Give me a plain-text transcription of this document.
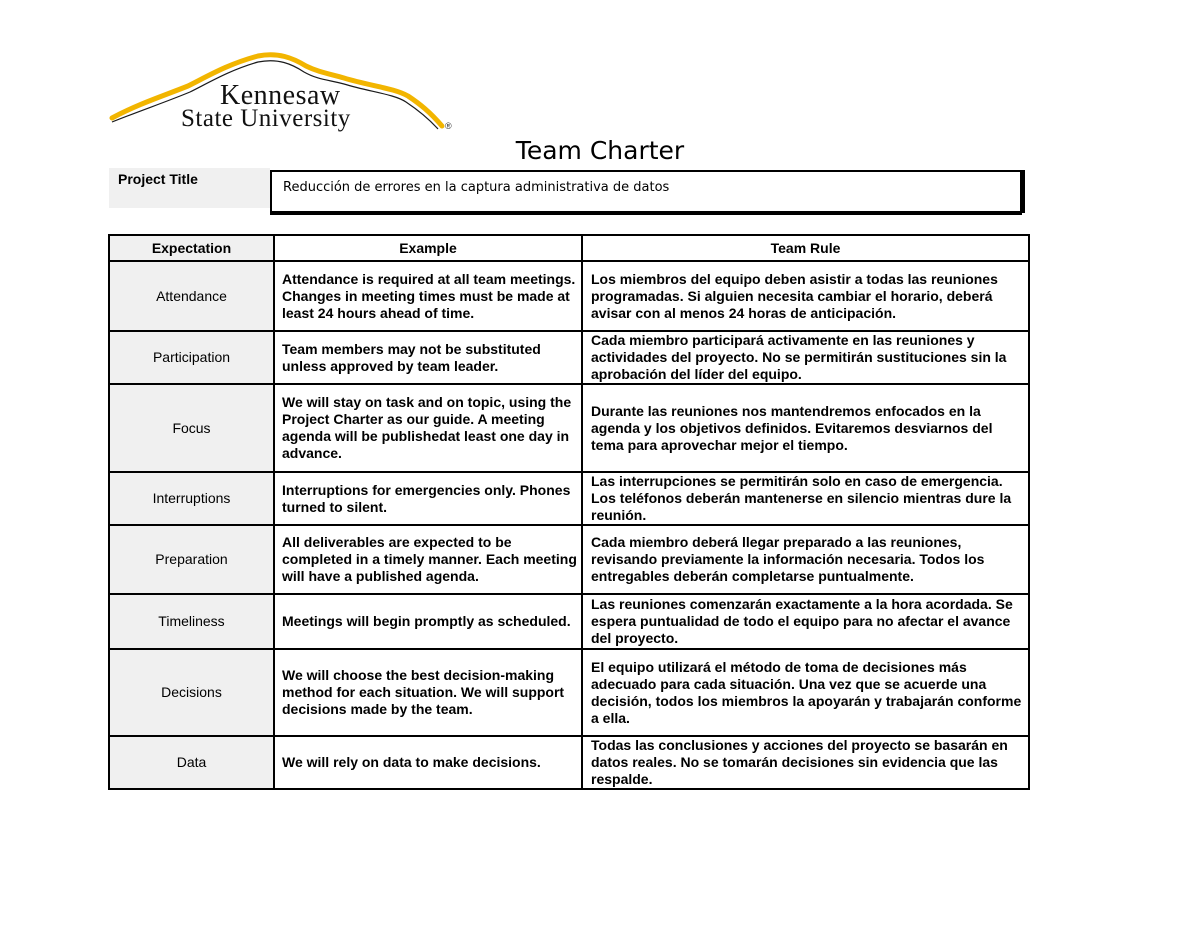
Kennesaw
State University	®
Team Charter
Project Title
Reducción de errores en la captura administrativa de datos
Expectation	Example	Team Rule
Attendance	Attendance is required at all team meetings. Changes in meeting times must be made at least 24 hours ahead of time.	Los miembros del equipo deben asistir a todas las reuniones programadas. Si alguien necesita cambiar el horario, deberá avisar con al menos 24 horas de anticipación.
Participation	Team members may not be substituted unless approved by team leader.	Cada miembro participará activamente en las reuniones y actividades del proyecto. No se permitirán sustituciones sin la aprobación del líder del equipo.
Focus	We will stay on task and on topic, using the Project Charter as our guide. A meeting agenda will be publishedat least one day in advance.	Durante las reuniones nos mantendremos enfocados en la agenda y los objetivos definidos. Evitaremos desviarnos del tema para aprovechar mejor el tiempo.
Interruptions	Interruptions for emergencies only. Phones turned to silent.	Las interrupciones se permitirán solo en caso de emergencia. Los teléfonos deberán mantenerse en silencio mientras dure la reunión.
Preparation	All deliverables are expected to be completed in a timely manner. Each meeting will have a published agenda.	Cada miembro deberá llegar preparado a las reuniones, revisando previamente la información necesaria. Todos los entregables deberán completarse puntualmente.
Timeliness	Meetings will begin promptly as scheduled.	Las reuniones comenzarán exactamente a la hora acordada. Se espera puntualidad de todo el equipo para no afectar el avance del proyecto.
Decisions	We will choose the best decision-making method for each situation. We will support decisions made by the team.	El equipo utilizará el método de toma de decisiones más adecuado para cada situación. Una vez que se acuerde una decisión, todos los miembros la apoyarán y trabajarán conforme a ella.
Data	We will rely on data to make decisions.	Todas las conclusiones y acciones del proyecto se basarán en datos reales. No se tomarán decisiones sin evidencia que las respalde.
